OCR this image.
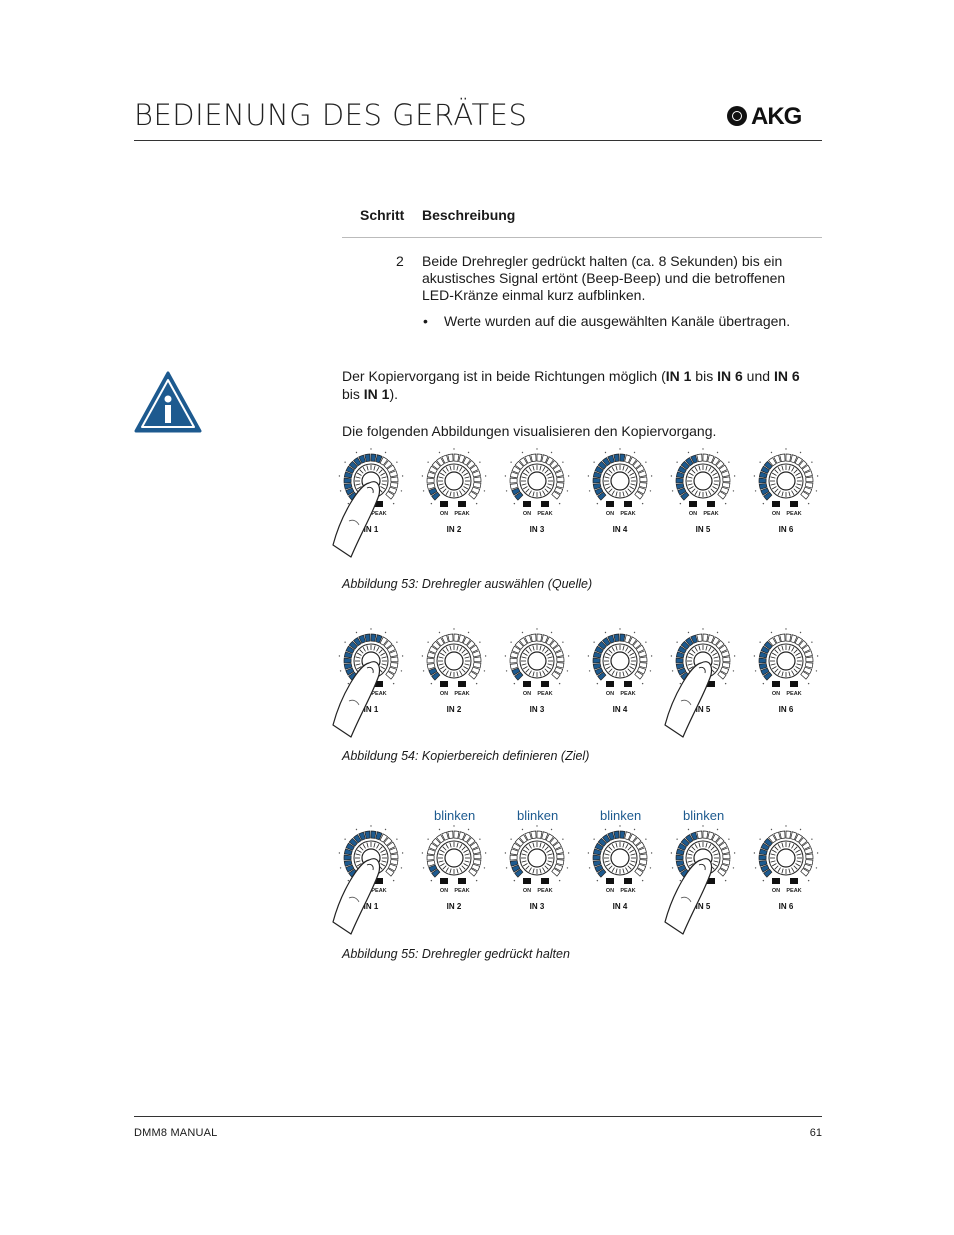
BEDIENUNG DES GERÄTES	AKG
Schritt Beschreibung
2 Beide Drehregler gedrückt halten (ca. 8 Sekunden) bis ein akustisches Signal ertönt (Beep-Beep) und die betroffenen LED-Kränze einmal kurz aufblinken.
• Werte wurden auf die ausgewählten Kanäle übertragen.
Der Kopiervorgang ist in beide Richtungen möglich (IN 1 bis IN 6 und IN 6
bis IN 1).
Die folgenden Abbildungen visualisieren den Kopiervorgang.
PEAK
IN 1
ON PEAK
IN 2
ON PEAK
IN 3
ON PEAK
IN 4
ON PEAK
IN 5
ON PEAK
IN 6
Abbildung 53: Drehregler auswählen (Quelle)
PEAK
IN 1
ON PEAK
IN 2
ON PEAK
IN 3
ON PEAK
IN 4	IN 5
ON PEAK
IN 6
Abbildung 54: Kopierbereich definieren (Ziel)
blinken	blinken	blinken	blinken
PEAK
IN 1
ON PEAK
IN 2
ON PEAK
IN 3
ON PEAK
IN 4	IN 5
ON PEAK
IN 6
Abbildung 55: Drehregler gedrückt halten
DMM8 MANUAL	61
